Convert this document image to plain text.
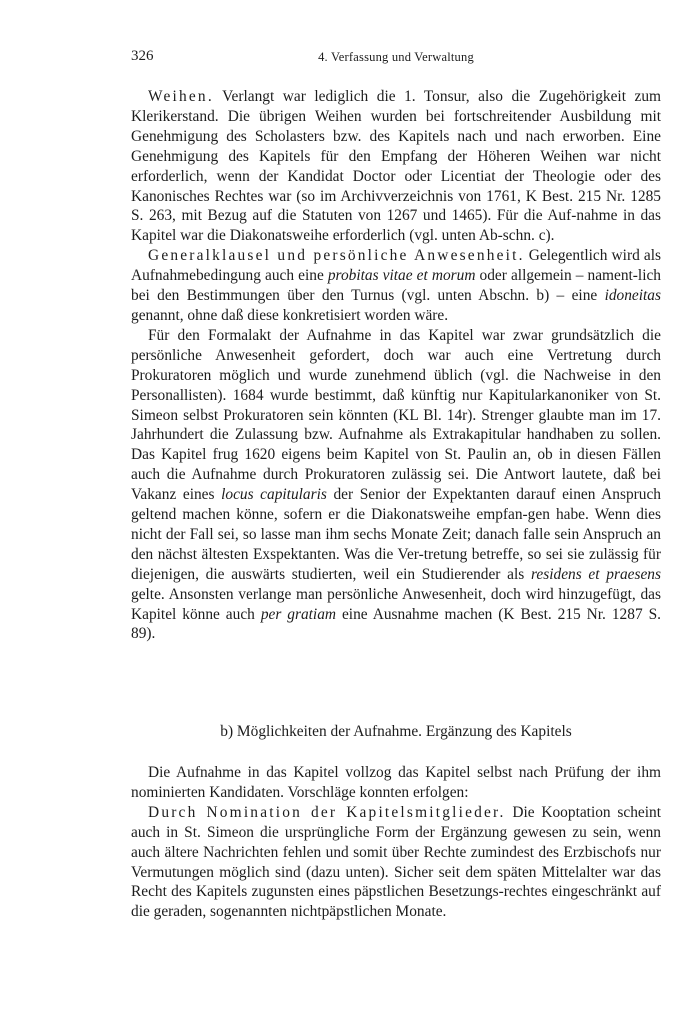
326	4. Verfassung und Verwaltung

Weihen. Verlangt war lediglich die 1. Tonsur, also die Zugehörigkeit zum Klerikerstand. Die übrigen Weihen wurden bei fortschreitender Ausbildung mit Genehmigung des Scholasters bzw. des Kapitels nach und nach erworben. Eine Genehmigung des Kapitels für den Empfang der Höheren Weihen war nicht erforderlich, wenn der Kandidat Doctor oder Licentiat der Theologie oder des Kanonisches Rechtes war (so im Archivverzeichnis von 1761, K Best. 215 Nr. 1285 S. 263, mit Bezug auf die Statuten von 1267 und 1465). Für die Auf-nahme in das Kapitel war die Diakonatsweihe erforderlich (vgl. unten Ab-schn. c).

Generalklausel und persönliche Anwesenheit. Gelegentlich wird als Aufnahmebedingung auch eine probitas vitae et morum oder allgemein – nament-lich bei den Bestimmungen über den Turnus (vgl. unten Abschn. b) – eine idoneitas genannt, ohne daß diese konkretisiert worden wäre.

Für den Formalakt der Aufnahme in das Kapitel war zwar grundsätzlich die persönliche Anwesenheit gefordert, doch war auch eine Vertretung durch Prokuratoren möglich und wurde zunehmend üblich (vgl. die Nachweise in den Personallisten). 1684 wurde bestimmt, daß künftig nur Kapitularkanoniker von St. Simeon selbst Prokuratoren sein könnten (KL Bl. 14r). Strenger glaubte man im 17. Jahrhundert die Zulassung bzw. Aufnahme als Extrakapitular handhaben zu sollen. Das Kapitel frug 1620 eigens beim Kapitel von St. Paulin an, ob in diesen Fällen auch die Aufnahme durch Prokuratoren zulässig sei. Die Antwort lautete, daß bei Vakanz eines locus capitularis der Senior der Expektanten darauf einen Anspruch geltend machen könne, sofern er die Diakonatsweihe empfan-gen habe. Wenn dies nicht der Fall sei, so lasse man ihm sechs Monate Zeit; danach falle sein Anspruch an den nächst ältesten Exspektanten. Was die Ver-tretung betreffe, so sei sie zulässig für diejenigen, die auswärts studierten, weil ein Studierender als residens et praesens gelte. Ansonsten verlange man persönliche Anwesenheit, doch wird hinzugefügt, das Kapitel könne auch per gratiam eine Ausnahme machen (K Best. 215 Nr. 1287 S. 89).

b) Möglichkeiten der Aufnahme. Ergänzung des Kapitels

Die Aufnahme in das Kapitel vollzog das Kapitel selbst nach Prüfung der ihm nominierten Kandidaten. Vorschläge konnten erfolgen:

Durch Nomination der Kapitelsmitglieder. Die Kooptation scheint auch in St. Simeon die ursprüngliche Form der Ergänzung gewesen zu sein, wenn auch ältere Nachrichten fehlen und somit über Rechte zumindest des Erzbischofs nur Vermutungen möglich sind (dazu unten). Sicher seit dem späten Mittelalter war das Recht des Kapitels zugunsten eines päpstlichen Besetzungs-rechtes eingeschränkt auf die geraden, sogenannten nichtpäpstlichen Monate.
